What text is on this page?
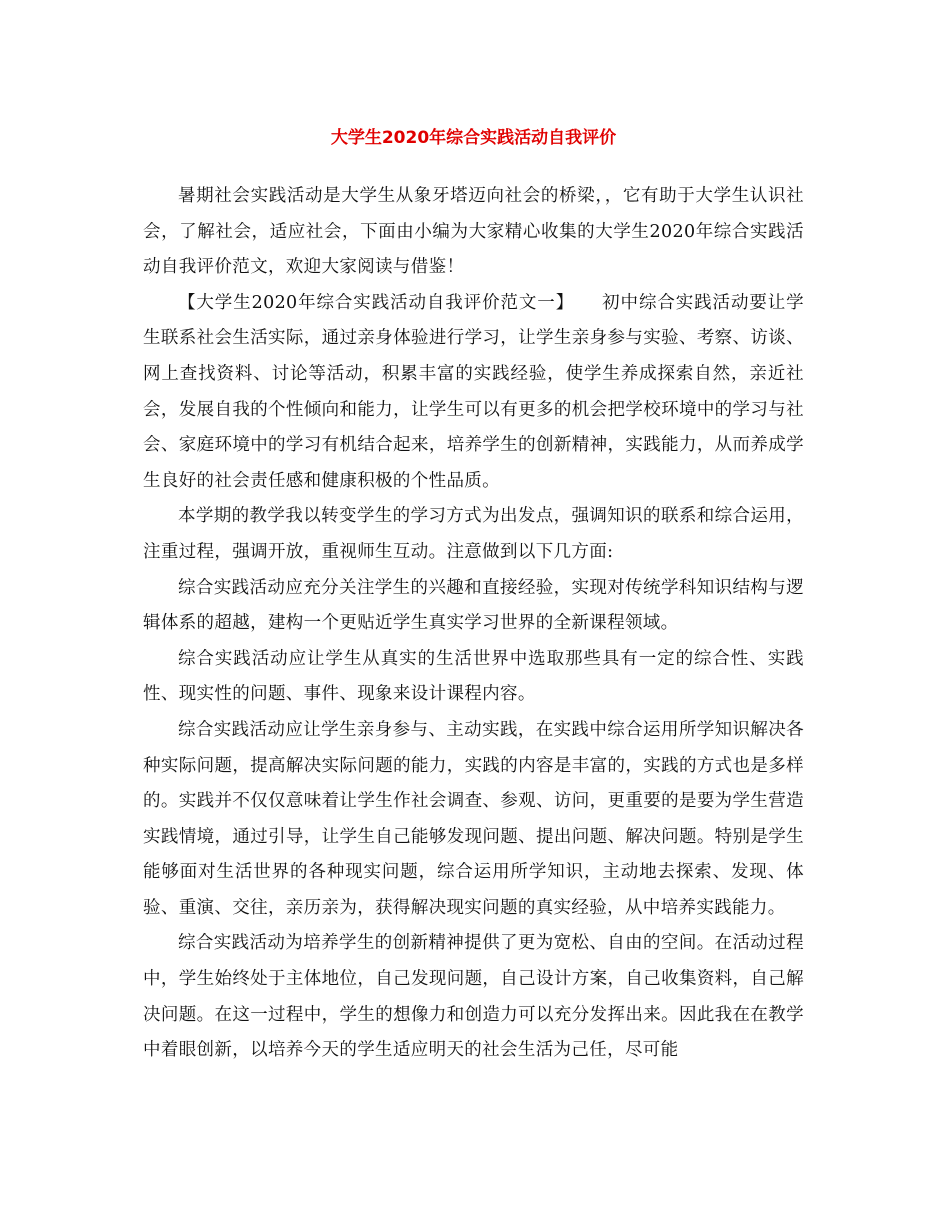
大学生2020年综合实践活动自我评价

暑期社会实践活动是大学生从象牙塔迈向社会的桥梁，，它有助于大学生认识社会，了解社会，适应社会，下面由小编为大家精心收集的大学生2020年综合实践活动自我评价范文，欢迎大家阅读与借鉴！

【大学生2020年综合实践活动自我评价范文一】　　初中综合实践活动要让学生联系社会生活实际，通过亲身体验进行学习，让学生亲身参与实验、考察、访谈、网上查找资料、讨论等活动，积累丰富的实践经验，使学生养成探索自然，亲近社会，发展自我的个性倾向和能力，让学生可以有更多的机会把学校环境中的学习与社会、家庭环境中的学习有机结合起来，培养学生的创新精神，实践能力，从而养成学生良好的社会责任感和健康积极的个性品质。

本学期的教学我以转变学生的学习方式为出发点，强调知识的联系和综合运用，注重过程，强调开放，重视师生互动。注意做到以下几方面:

综合实践活动应充分关注学生的兴趣和直接经验，实现对传统学科知识结构与逻辑体系的超越，建构一个更贴近学生真实学习世界的全新课程领域。

综合实践活动应让学生从真实的生活世界中选取那些具有一定的综合性、实践性、现实性的问题、事件、现象来设计课程内容。

综合实践活动应让学生亲身参与、主动实践，在实践中综合运用所学知识解决各种实际问题，提高解决实际问题的能力，实践的内容是丰富的，实践的方式也是多样的。实践并不仅仅意味着让学生作社会调查、参观、访问，更重要的是要为学生营造实践情境，通过引导，让学生自己能够发现问题、提出问题、解决问题。特别是学生能够面对生活世界的各种现实问题，综合运用所学知识，主动地去探索、发现、体验、重演、交往，亲历亲为，获得解决现实问题的真实经验，从中培养实践能力。

综合实践活动为培养学生的创新精神提供了更为宽松、自由的空间。在活动过程中，学生始终处于主体地位，自己发现问题，自己设计方案，自己收集资料，自己解决问题。在这一过程中，学生的想像力和创造力可以充分发挥出来。因此我在在教学中着眼创新，以培养今天的学生适应明天的社会生活为己任，尽可能
